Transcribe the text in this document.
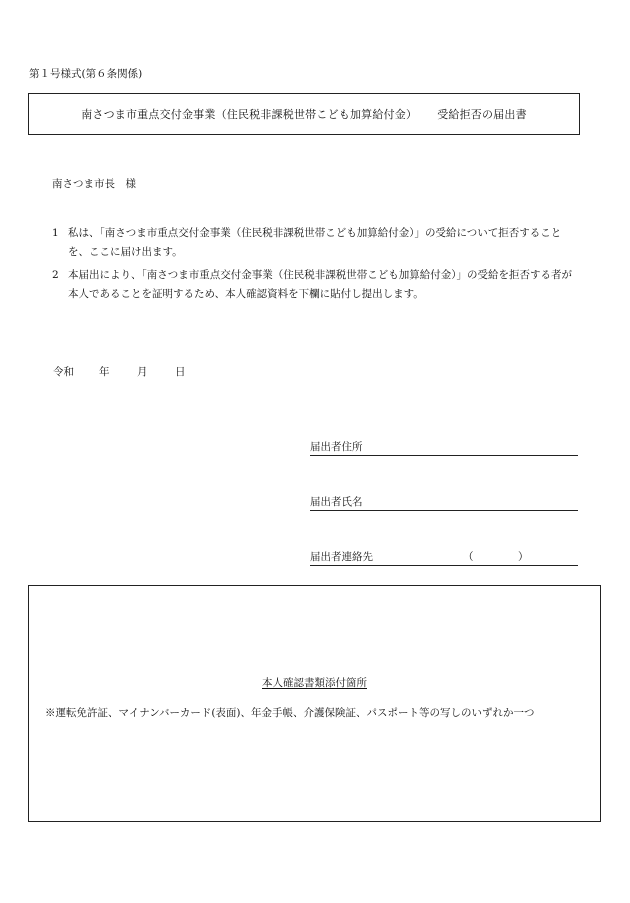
第１号様式(第６条関係)
南さつま市重点交付金事業（住民税非課税世帯こども加算給付金） 受給拒否の届出書
南さつま市長　様
1 私は、「南さつま市重点交付金事業（住民税非課税世帯こども加算給付金）」の受給について拒否することを、ここに届け出ます。
2 本届出により、「南さつま市重点交付金事業（住民税非課税世帯こども加算給付金）」の受給を拒否する者が本人であることを証明するため、本人確認資料を下欄に貼付し提出します。
令和 年	月	日
届出者住所
届出者氏名
届出者連絡先	（	）
本人確認書類添付箇所
※運転免許証、マイナンバーカード(表面)、年金手帳、介護保険証、パスポート等の写しのいずれか一つ
